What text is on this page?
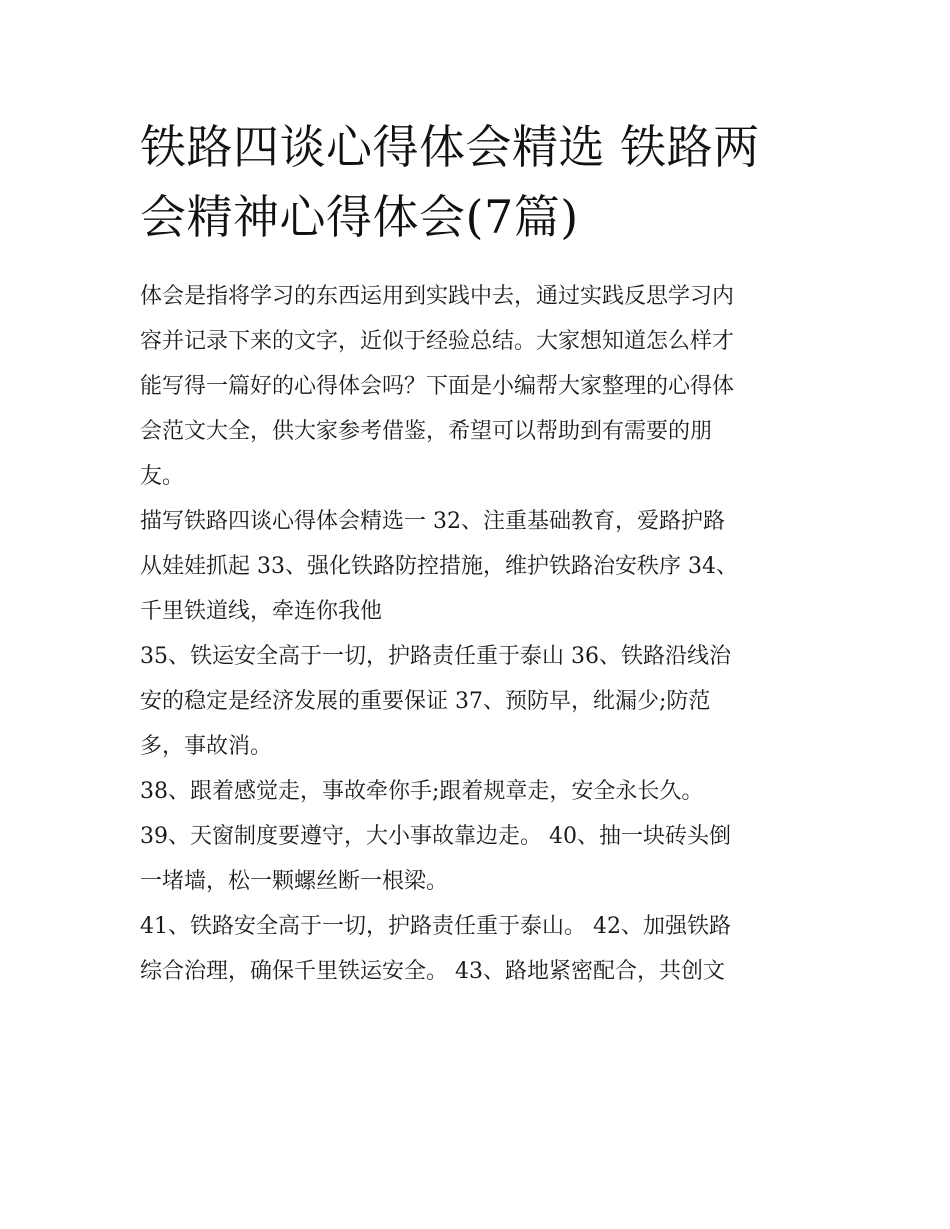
铁路四谈心得体会精选 铁路两
会精神心得体会(7篇)

体会是指将学习的东西运用到实践中去，通过实践反思学习内
容并记录下来的文字，近似于经验总结。大家想知道怎么样才
能写得一篇好的心得体会吗？下面是小编帮大家整理的心得体
会范文大全，供大家参考借鉴，希望可以帮助到有需要的朋
友。

描写铁路四谈心得体会精选一 32、注重基础教育，爱路护路
从娃娃抓起 33、强化铁路防控措施，维护铁路治安秩序 34、
千里铁道线，牵连你我他

35、铁运安全高于一切，护路责任重于泰山 36、铁路沿线治
安的稳定是经济发展的重要保证 37、预防早，纰漏少;防范
多，事故消。

38、跟着感觉走，事故牵你手;跟着规章走，安全永长久。

39、天窗制度要遵守，大小事故靠边走。 40、抽一块砖头倒
一堵墙，松一颗螺丝断一根梁。

41、铁路安全高于一切，护路责任重于泰山。 42、加强铁路
综合治理，确保千里铁运安全。 43、路地紧密配合，共创文
